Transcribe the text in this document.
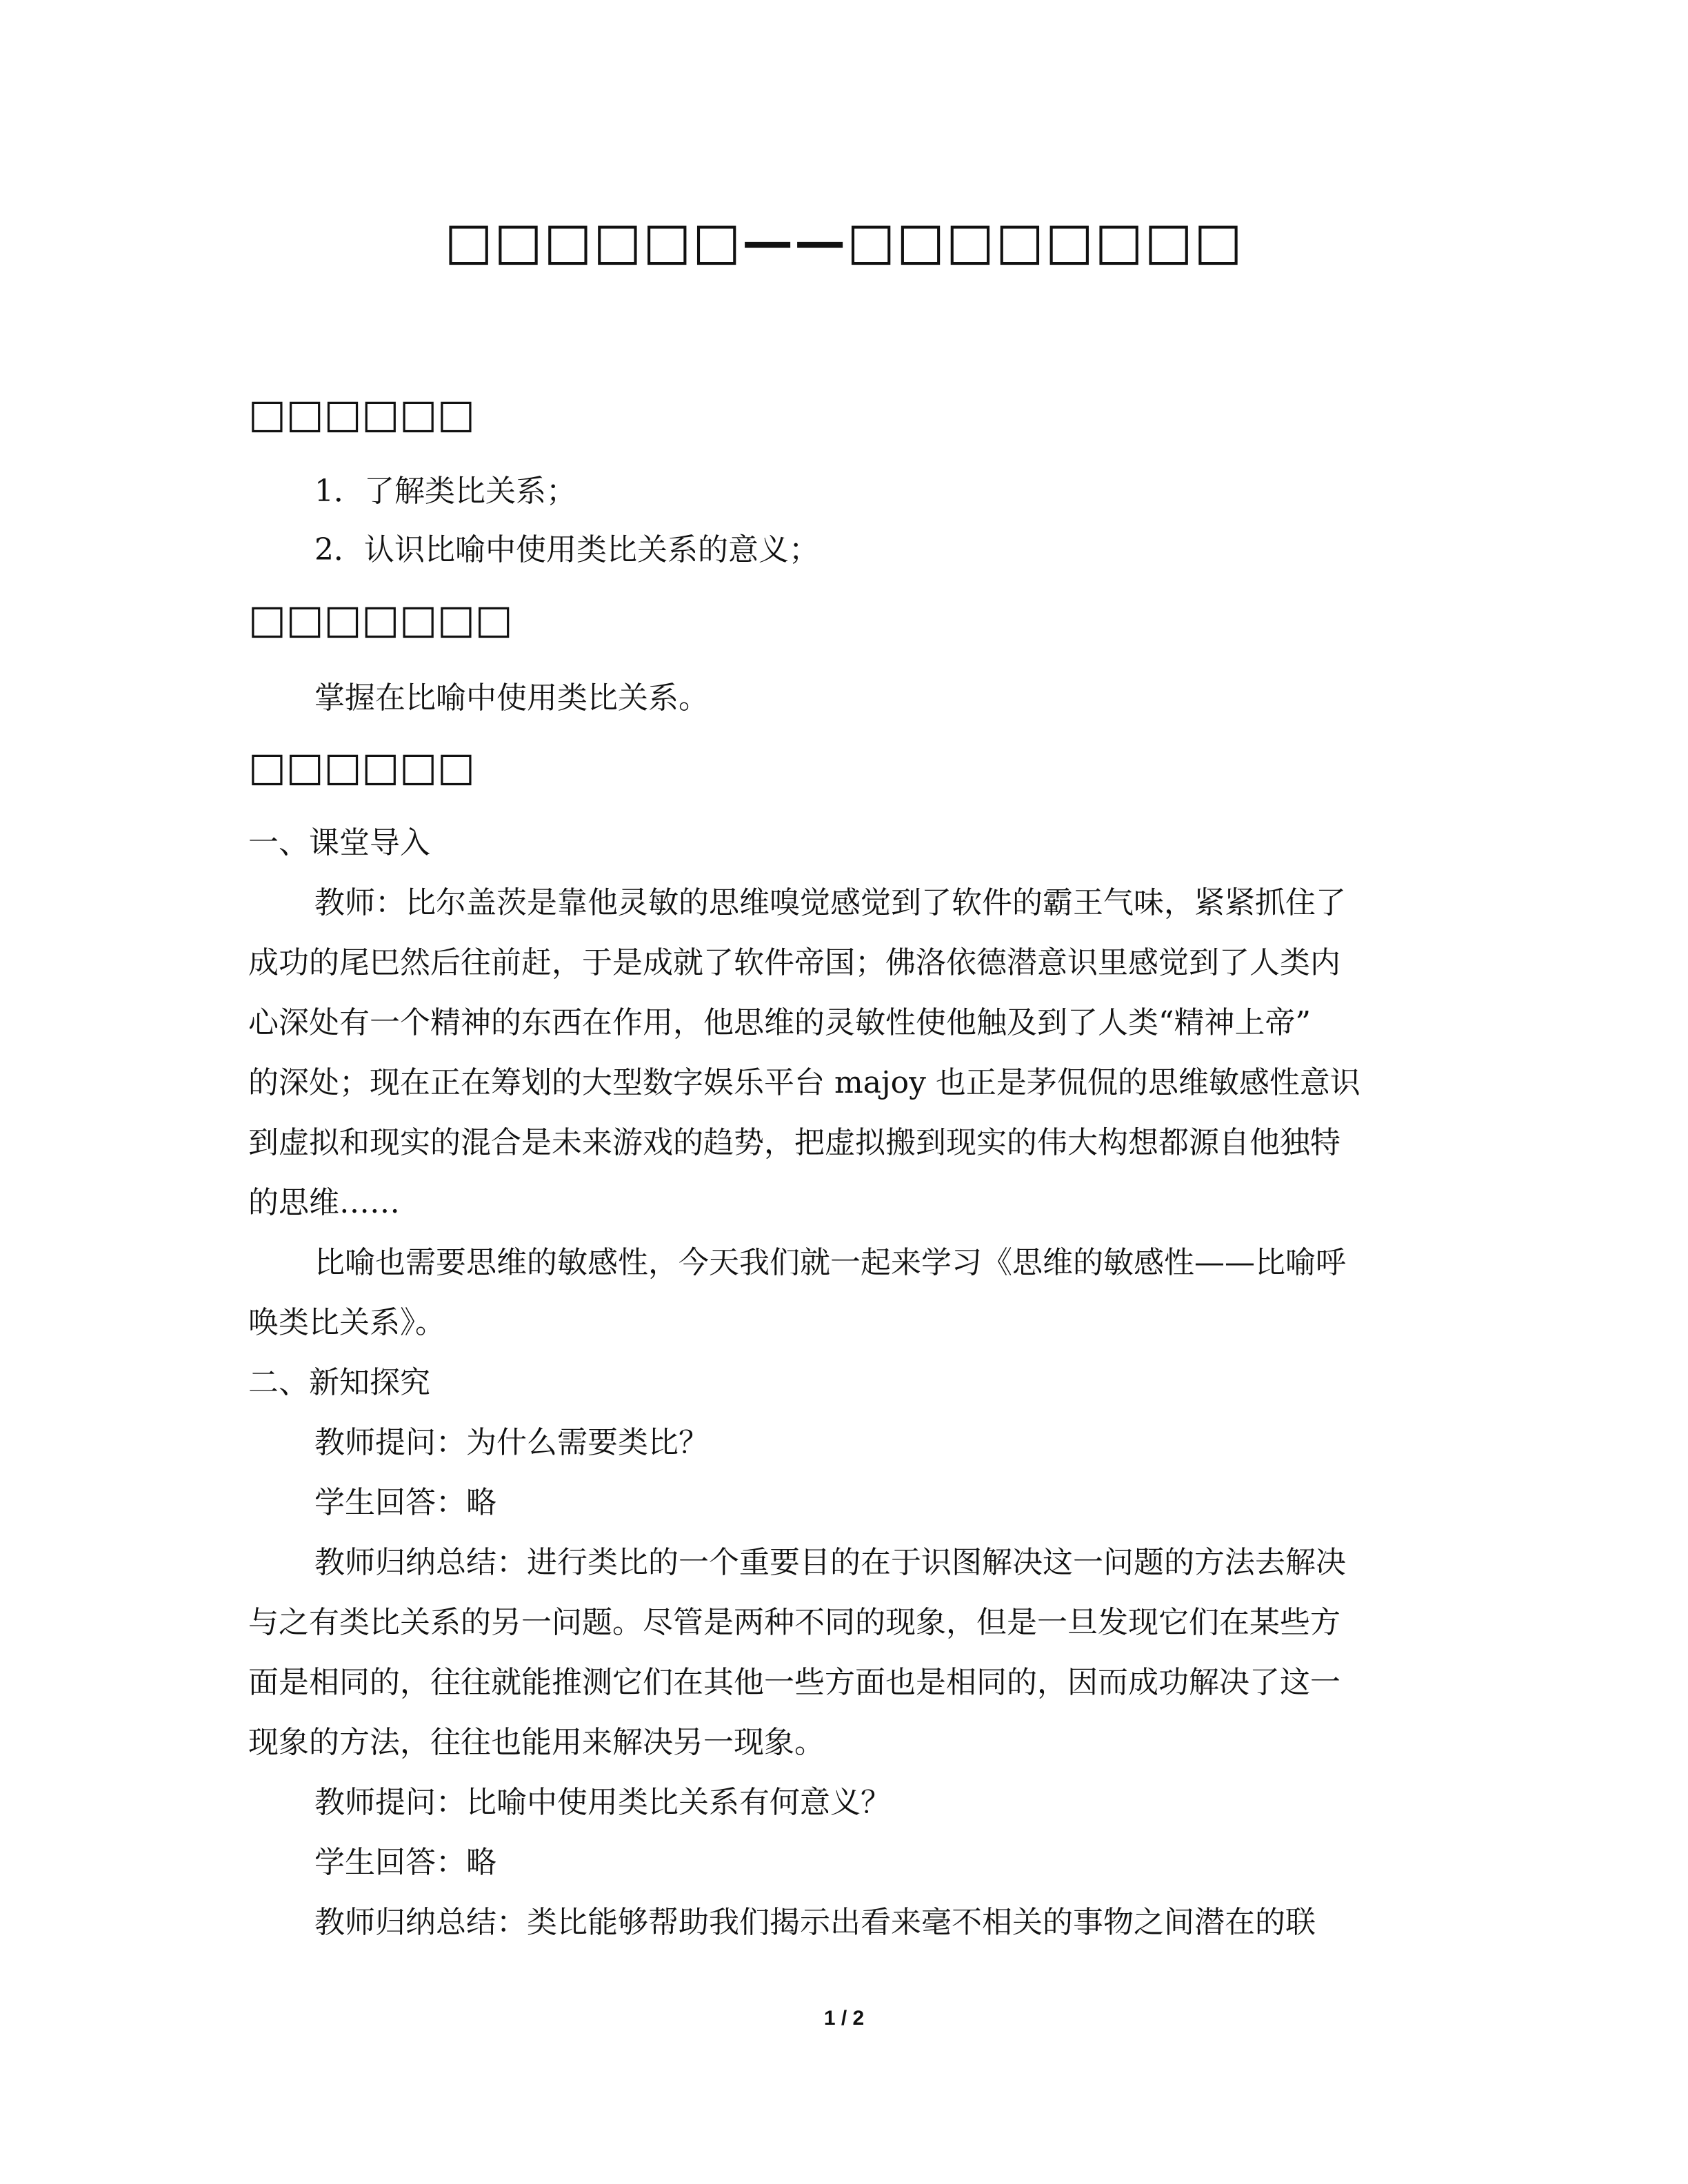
□□□□□□——□□□□□□□□
□□□□□□
1．了解类比关系；
2．认识比喻中使用类比关系的意义；
□□□□□□□
掌握在比喻中使用类比关系。
□□□□□□
一、课堂导入
教师：比尔盖茨是靠他灵敏的思维嗅觉感觉到了软件的霸王气味，紧紧抓住了
成功的尾巴然后往前赶，于是成就了软件帝国；佛洛依德潜意识里感觉到了人类内
心深处有一个精神的东西在作用，他思维的灵敏性使他触及到了人类“精神上帝”
的深处；现在正在筹划的大型数字娱乐平台 majoy 也正是茅侃侃的思维敏感性意识
到虚拟和现实的混合是未来游戏的趋势，把虚拟搬到现实的伟大构想都源自他独特
的思维……
比喻也需要思维的敏感性，今天我们就一起来学习《思维的敏感性——比喻呼
唤类比关系》。
二、新知探究
教师提问：为什么需要类比？
学生回答：略
教师归纳总结：进行类比的一个重要目的在于识图解决这一问题的方法去解决
与之有类比关系的另一问题。尽管是两种不同的现象，但是一旦发现它们在某些方
面是相同的，往往就能推测它们在其他一些方面也是相同的，因而成功解决了这一
现象的方法，往往也能用来解决另一现象。
教师提问：比喻中使用类比关系有何意义？
学生回答：略
教师归纳总结：类比能够帮助我们揭示出看来毫不相关的事物之间潜在的联
1 / 2
